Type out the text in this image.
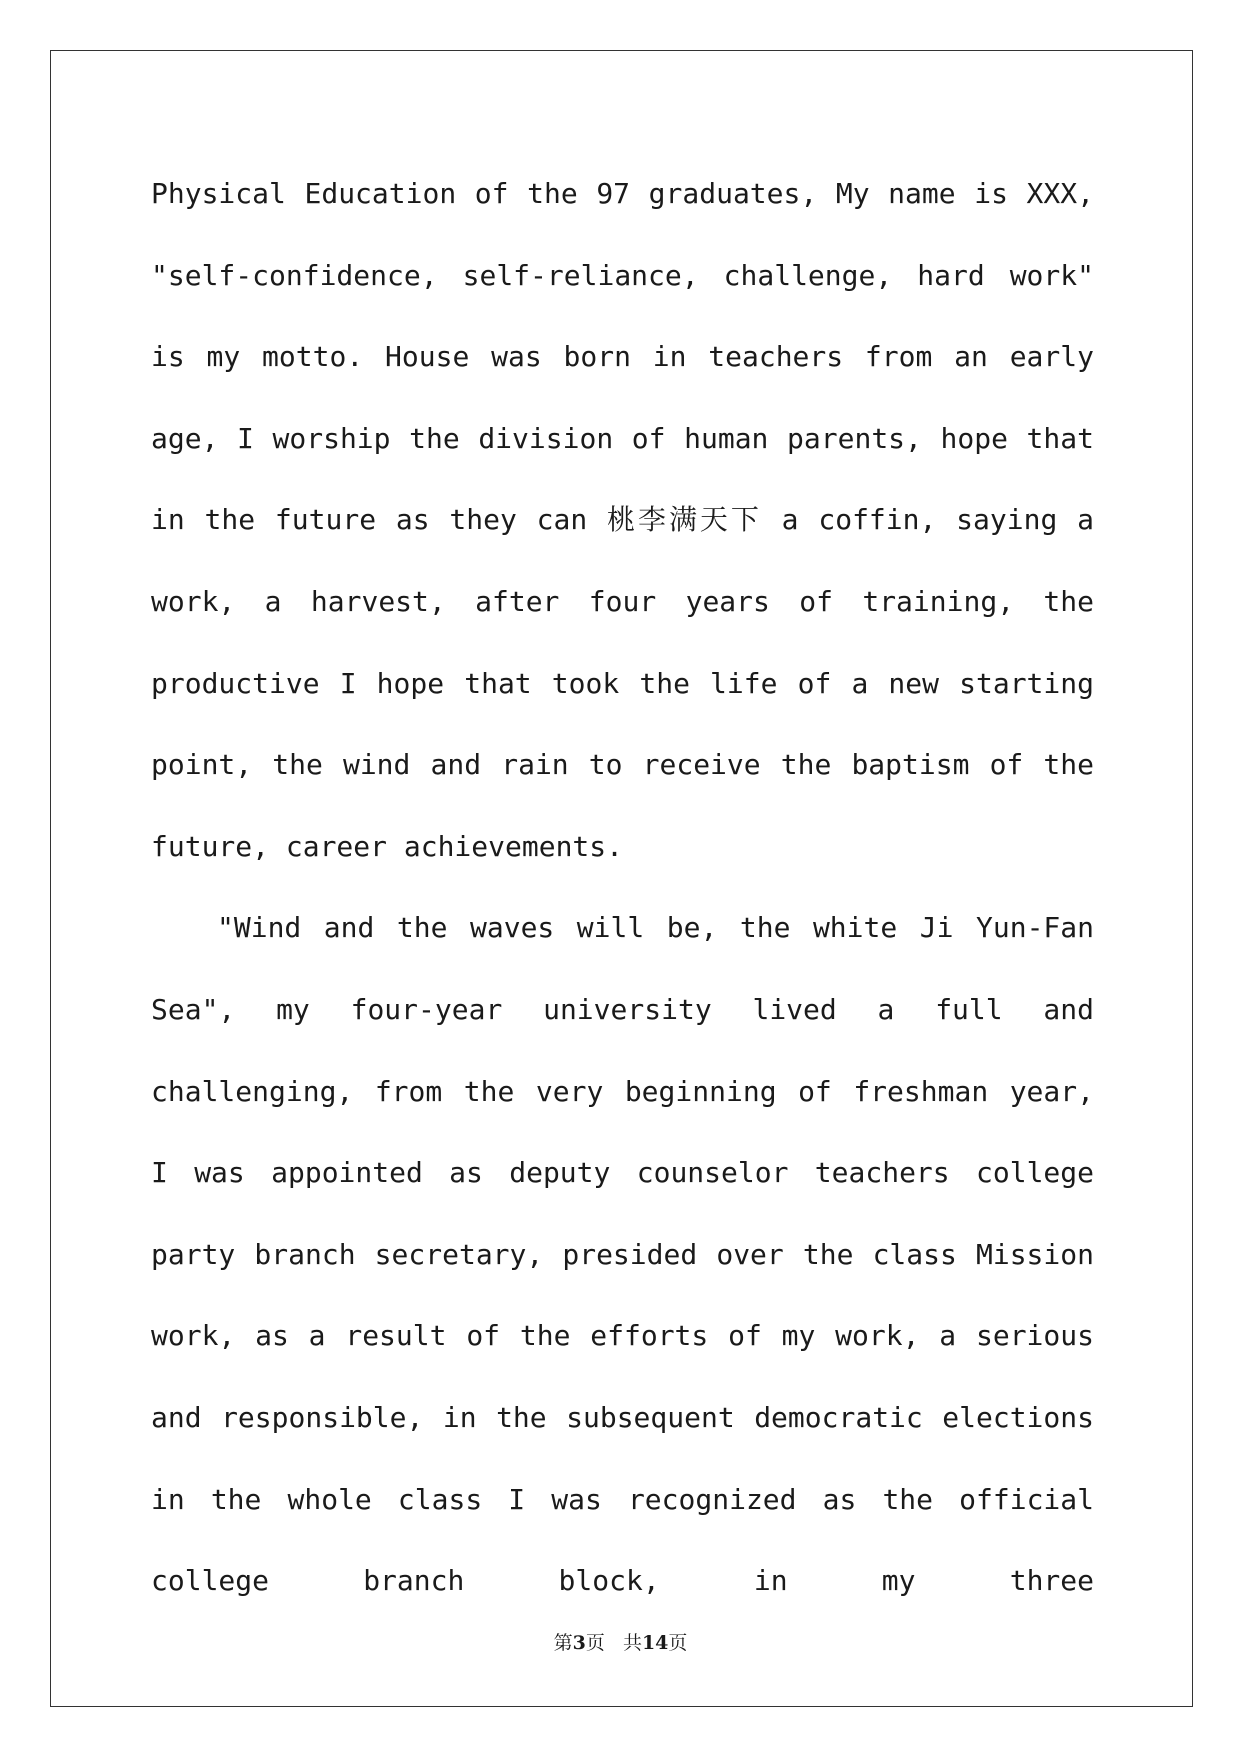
Physical Education of the 97 graduates, My name is XXX, "self-confidence, self-reliance, challenge, hard work" is my motto. House was born in teachers from an early age, I worship the division of human parents, hope that in the future as they can 桃李满天下 a coffin, saying a work, a harvest, after four years of training, the productive I hope that took the life of a new starting point, the wind and rain to receive the baptism of the future, career achievements.

"Wind and the waves will be, the white Ji Yun-Fan Sea", my four-year university lived a full and challenging, from the very beginning of freshman year, I was appointed as deputy counselor teachers college party branch secretary, presided over the class Mission work, as a result of the efforts of my work, a serious and responsible, in the subsequent democratic elections in the whole class I was recognized as the official college branch block, in my three

第3页   共14页
